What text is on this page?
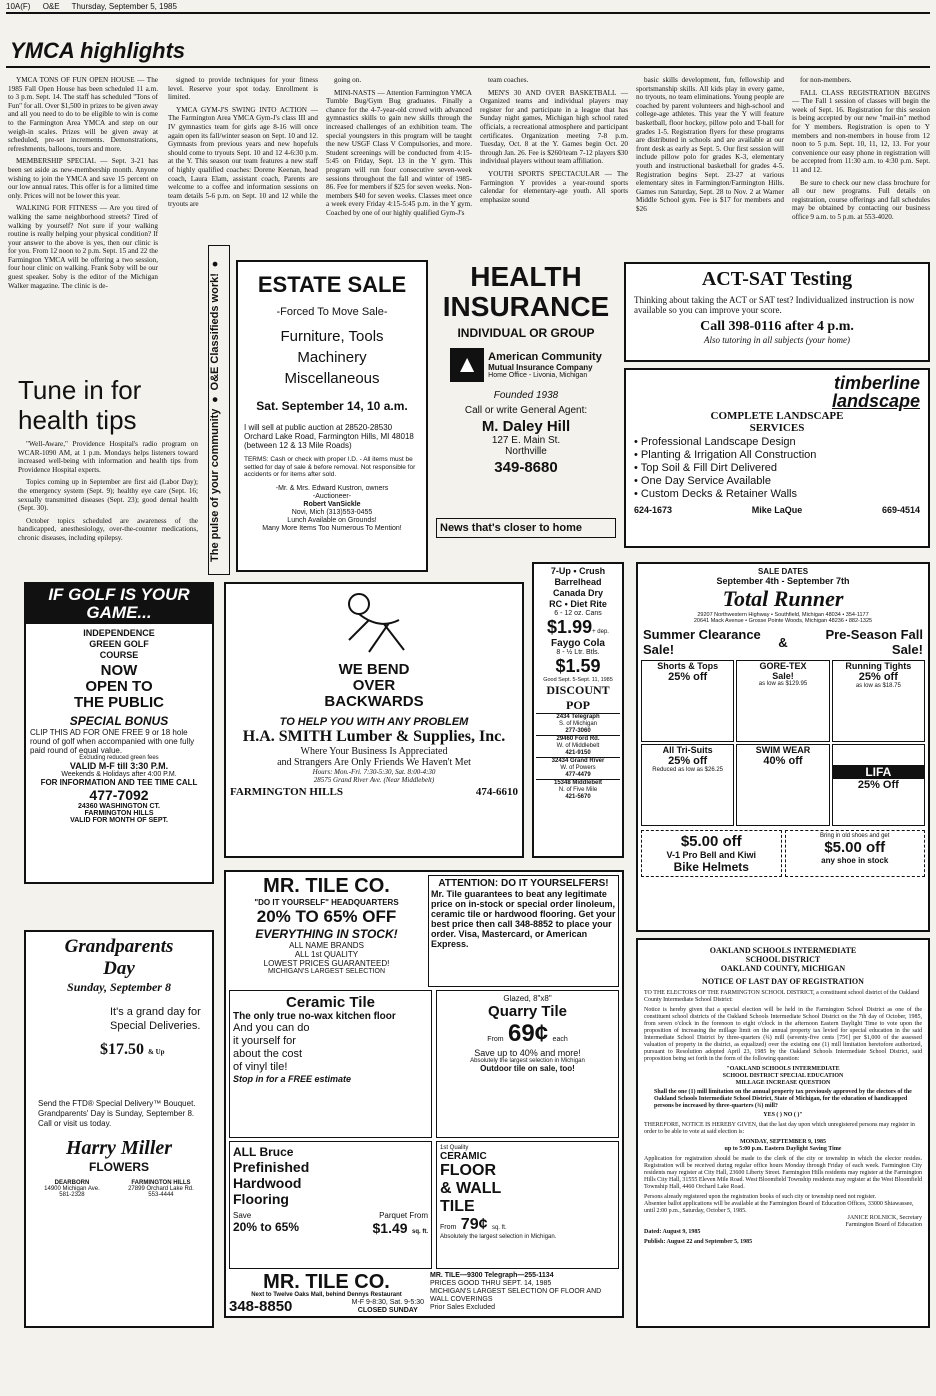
10A(F) O&E Thursday, September 5, 1985
YMCA highlights

YMCA TONS OF FUN OPEN HOUSE — The 1985 Fall Open House has been scheduled 11 a.m. to 3 p.m. Sept. 14. The staff has scheduled "Tons of Fun" for all. Over $1,500 in prizes to be given away and all you need to do to be eligible to win is come to the Farmington Area YMCA and step on our weigh-in scales. Prizes will be given away at scheduled, pre-set increments. Demonstrations, refreshments, balloons, tours and more.

MEMBERSHIP SPECIAL — Sept. 3-21 has been set aside as new-membership month. Anyone wishing to join the YMCA and save 15 percent on our low annual rates. This offer is for a limited time only. Prices will not be lower this year.

WALKING FOR FITNESS — Are you tired of walking the same neighborhood streets? Tired of walking by yourself? Not sure if your walking routine is really helping your physical condition? If your answer to the above is yes, then our clinic is for you. From 12 noon to 2 p.m. Sept. 15 and 22 the Farmington YMCA will be offering a two session, four hour clinic on walking. Frank Soby will be our guest speaker. Soby is the editor of the Michigan Walker magazine. The clinic is de-

signed to provide techniques for your fitness level. Reserve your spot today. Enrollment is limited.

YMCA GYM-J'S SWING INTO ACTION — The Farmington Area YMCA Gym-J's class III and IV gymnastics team for girls age 8-16 will once again open its fall/winter season on Sept. 10 and 12. Gymnasts from previous years and new hopefuls should come to tryouts Sept. 10 and 12 4-6:30 p.m. at the Y. This season our team features a new staff of highly qualified coaches: Dorene Keenan, head coach, Laura Elam, assistant coach, Parents are welcome to a coffee and information sessions on team details 5-6 p.m. on Sept. 10 and 12 while the tryouts are

going on.

MINI-NASTS — Attention Farmington YMCA Tumble Bug/Gym Bug graduates. Finally a chance for the 4-7-year-old crowd with advanced gymnastics skills to gain new skills through the increased challenges of an exhibition team. The special youngsters in this program will be taught the new USGF Class V Compulsories, and more. Student screenings will be conducted from 4:15-5:45 on Friday, Sept. 13 in the Y gym. This program will run four consecutive seven-week sessions throughout the fall and winter of 1985-86. Fee for members if $25 for seven weeks. Non-members $40 for seven weeks. Classes meet once a week every Friday 4:15-5:45 p.m. in the Y gym. Coached by one of our highly qualified Gym-J's

team coaches.

MEN'S 30 AND OVER BASKETBALL — Organized teams and individual players may register for and participate in a league that has Sunday night games, Michigan high school rated officials, a recreational atmosphere and participant certificates. Organization meeting 7-8 p.m. Tuesday, Oct. 8 at the Y. Games begin Oct. 20 through Jan. 26. Fee is $260/team 7-12 players $30 individual players without team affiliation.

YOUTH SPORTS SPECTACULAR — The Farmington Y provides a year-round sports calendar for elementary-age youth. All sports emphasize sound

basic skills development, fun, fellowship and sportsmanship skills. All kids play in every game, no tryouts, no team eliminations. Young people are coached by parent volunteers and high-school and college-age athletes. This year the Y will feature basketball, floor hockey, pillow polo and T-ball for grades 1-5. Registration flyers for these programs are distributed in schools and are available at our front desk as early as Sept. 5. Our first session will include pillow polo for grades K-3, elementary youth and instructional basketball for grades 4-5. Registration begins Sept. 23-27 at various elementary sites in Farmington/Farmington Hills. Games run Saturday, Sept. 28 to Nov. 2 at Warner Middle School gym. Fee is $17 for members and $26

for non-members.

FALL CLASS REGISTRATION BEGINS — The Fall 1 session of classes will begin the week of Sept. 16. Registration for this session is being accepted by our new "mail-in" method for Y members. Registration is open to Y members and non-members in house from 12 noon to 5 p.m. Sept. 10, 11, 12, 13. For your convenience our easy phone in registration will be accepted from 11:30 a.m. to 4:30 p.m. Sept. 11 and 12.

Be sure to check our new class brochure for all our new programs. Full details on registration, course offerings and fall schedules may be obtained by contacting our business office 9 a.m. to 5 p.m. at 553-4020.

Tune in for
health tips

"Well-Aware," Providence Hospital's radio program on WCAR-1090 AM, at 1 p.m. Mondays helps listeners toward increased well-being with information and health tips from Providence Hospital experts.

Topics coming up in September are first aid (Labor Day); the emergency system (Sept. 9); healthy eye care (Sept. 16; sexually transmitted diseases (Sept. 23); good dental health (Sept. 30).

October topics scheduled are awareness of the handicapped, anesthesiology, over-the-counter medications, chronic diseases, including epilepsy.	The pulse of your community ● O&E Classifieds work! ●	ESTATE SALE
-Forced To Move Sale-
Furniture, Tools
Machinery
Miscellaneous
Sat. September 14, 10 a.m.
I will sell at public auction at 28520-28530 Orchard Lake Road, Farmington Hills, MI 48018 (between 12 & 13 Mile Roads)
TERMS: Cash or check with proper I.D. - All items must be settled for day of sale & before removal. Not responsible for accidents or for items after sold.
-Mr. & Mrs. Edward Kustron, owners
-Auctioneer-
Robert VanSickle
Novi, Mich (313)553-0455
Lunch Available on Grounds!
Many More Items Too Numerous To Mention!
HEALTH
INSURANCE
INDIVIDUAL OR GROUP
▲ American Community
Mutual Insurance Company
Home Office - Livonia, Michigan
Founded 1938
Call or write General Agent:
M. Daley Hill
127 E. Main St.
Northville
349-8680
News that's closer to home
ACT-SAT Testing
Thinking about taking the ACT or SAT test? Individualized instruction is now available so you can improve your score.
Call 398-0116 after 4 p.m.
Also tutoring in all subjects (your home)
timberline
landscape
COMPLETE LANDSCAPE
SERVICES
• Professional Landscape Design
• Planting & Irrigation All Construction
• Top Soil & Fill Dirt Delivered
• One Day Service Available
• Custom Decks & Retainer Walls
624-1673	Mike LaQue	669-4514
IF GOLF IS YOUR GAME...
INDEPENDENCE
GREEN GOLF
COURSE
NOW
OPEN TO
THE PUBLIC
SPECIAL BONUS
CLIP THIS AD FOR ONE FREE 9 or 18 hole round of golf when accompanied with one fully paid round of equal value.
Excluding reduced green fees
VALID M-F till 3:30 P.M.
Weekends & Holidays after 4:00 P.M.
FOR INFORMATION AND TEE TIME CALL
477-7092
24360 WASHINGTON CT.
FARMINGTON HILLS
VALID FOR MONTH OF SEPT.
WE BEND
OVER
BACKWARDS
TO HELP YOU WITH ANY PROBLEM
H.A. SMITH Lumber & Supplies, Inc.
Where Your Business Is Appreciated
and Strangers Are Only Friends We Haven't Met
Hours: Mon.-Fri. 7:30-5:30, Sat. 8:00-4:30
28575 Grand River Ave. (Near Middlebelt)
FARMINGTON HILLS	474-6610
7-Up • Crush
Barrelhead
Canada Dry
RC • Diet Rite
6 - 12 oz. Cans
$1.99+ dep.
Faygo Cola
8 - ½ Ltr. Btls.
$1.59
Good Sept. 5-Sept. 11, 1985
DISCOUNT
POP
2434 Telegraph
S. of Michigan
277-3060
29460 Ford Rd.
W. of Middlebelt
421-9150
32434 Grand River
W. of Powers
477-4479
15348 Middlebelt
N. of Five Mile
421-5670
SALE DATES
September 4th - September 7th
Total Runner
29207 Northwestern Highway • Southfield, Michigan 48034 • 354-1177
20641 Mack Avenue • Grosse Pointe Woods, Michigan 48236 • 882-1325
Summer Clearance Sale!	&	Pre-Season Fall Sale!
Shorts & Tops
25% off
GORE-TEX
Sale!
as low as $129.95
Running Tights
25% off
as low as $18.75
All Tri-Suits
25% off
Reduced as low as $26.25
SWIM WEAR
40% off
LIFA
25% Off
$5.00 off
V-1 Pro Bell and Kiwi
Bike Helmets
Bring in old shoes and get
$5.00 off
any shoe in stock
Grandparents
Day
Sunday, September 8
It's a grand day for Special Deliveries.
$17.50 & Up
Send the FTD® Special Delivery™ Bouquet. Grandparents' Day is Sunday, September 8. Call or visit us today.
Harry Miller
FLOWERS
DEARBORN
14900 Michigan Ave.
581-2328
FARMINGTON HILLS
27899 Orchard Lake Rd.
553-4444
MR. TILE CO.
"DO IT YOURSELF" HEADQUARTERS
20% TO 65% OFF
EVERYTHING IN STOCK!
ALL NAME BRANDS
ALL 1st QUALITY
LOWEST PRICES GUARANTEED!
MICHIGAN'S LARGEST SELECTION
ATTENTION: DO IT YOURSELFERS!
Mr. Tile guarantees to beat any legitimate price on in-stock or special order linoleum, ceramic tile or hardwood flooring. Get your best price then call 348-8852 to place your order. Visa, Mastercard, or American Express.
Ceramic Tile
The only true no-wax kitchen floor
And you can do it yourself for about the cost of vinyl tile!
Stop in for a FREE estimate
Glazed, 8"x8"
Quarry Tile
From 69¢ each
Save up to 40% and more!
Absolutely the largest selection in Michigan
Outdoor tile on sale, too!
ALL Bruce
Prefinished
Hardwood
Flooring
Save	Parquet From
20% to 65%	$1.49 sq. ft.
1st Quality
CERAMIC
FLOOR
& WALL
TILE
From 79¢ sq. ft.
Absolutely the largest selection in Michigan.
MR. TILE CO.
Next to Twelve Oaks Mall, behind Dennys Restaurant
348-8850	M-F 9-8:30, Sat. 9-5:30
CLOSED SUNDAY
MR. TILE—9300 Telegraph—255-1134
PRICES GOOD THRU SEPT. 14, 1985
MICHIGAN'S LARGEST SELECTION OF FLOOR AND WALL COVERINGS
Prior Sales Excluded
OAKLAND SCHOOLS INTERMEDIATE
SCHOOL DISTRICT
OAKLAND COUNTY, MICHIGAN
NOTICE OF LAST DAY OF REGISTRATION
TO THE ELECTORS OF THE FARMINGTON SCHOOL DISTRICT, a constituent school district of the Oakland County Intermediate School District:
Notice is hereby given that a special election will be held in the Farmington School District as one of the constituent school districts of the Oakland Schools Intermediate School District on the 7th day of October, 1985, from seven o'clock in the forenoon to eight o'clock in the afternoon Eastern Daylight Time to vote upon the proposition of increasing the millage limit on the annual property tax levied for special education in the said Intermediate School District by three-quarters (¾) mill (seventy-five cents [75¢] per $1,000 of the assessed valuation of property in the district, as equalized) over the existing one (1) mill limitation heretofore authorized, pursuant to Resolution adopted April 23, 1985 by the Oakland Schools Intermediate School District, said proposition being set forth in the form of the following question:
"OAKLAND SCHOOLS INTERMEDIATE
SCHOOL DISTRICT SPECIAL EDUCATION
MILLAGE INCREASE QUESTION
Shall the one (1) mill limitation on the annual property tax previously approved by the electors of the Oakland Schools Intermediate School District, State of Michigan, for the education of handicapped persons be increased by three-quarters (¾) mill?
YES ( ) NO ( )"
THEREFORE, NOTICE IS HEREBY GIVEN, that the last day upon which unregistered persons may register in order to be able to vote at said election is:
MONDAY, SEPTEMBER 9, 1985
up to 5:00 p.m. Eastern Daylight Saving Time
Application for registration should be made to the clerk of the city or township in which the elector resides. Registration will be received during regular office hours Monday through Friday of each week. Farmington City residents may register at City Hall, 23600 Liberty Street. Farmington Hills residents may register at the Farmington Hills City Hall, 31555 Eleven Mile Road. West Bloomfield Township residents may register at the West Bloomfield Township Hall, 4460 Orchard Lake Road.
Persons already registered upon the registration books of such city or township need not register.
Absentee ballot applications will be available at the Farmington Board of Education Offices, 33000 Shiawassee, until 2:00 p.m., Saturday, October 5, 1985.
JANICE ROLNICK, Secretary
Farmington Board of Education
Dated: August 9, 1985
Publish: August 22 and September 5, 1985
